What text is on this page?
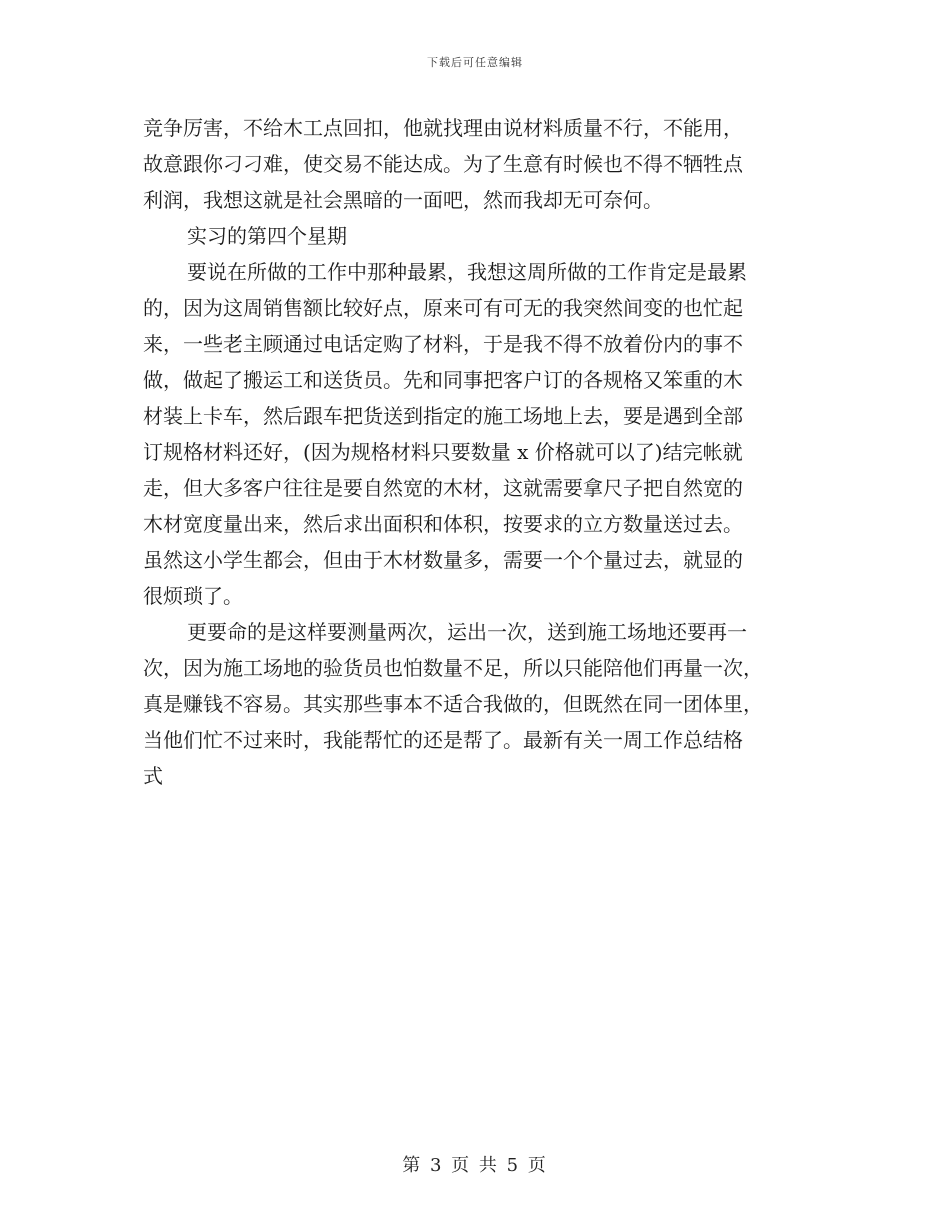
下载后可任意编辑
竞争厉害，不给木工点回扣，他就找理由说材料质量不行，不能用，
故意跟你刁刁难，使交易不能达成。为了生意有时候也不得不牺牲点
利润，我想这就是社会黑暗的一面吧，然而我却无可奈何。
实习的第四个星期
要说在所做的工作中那种最累，我想这周所做的工作肯定是最累
的，因为这周销售额比较好点，原来可有可无的我突然间变的也忙起
来，一些老主顾通过电话定购了材料，于是我不得不放着份内的事不
做，做起了搬运工和送货员。先和同事把客户订的各规格又笨重的木
材装上卡车，然后跟车把货送到指定的施工场地上去，要是遇到全部
订规格材料还好，(因为规格材料只要数量 x 价格就可以了)结完帐就
走，但大多客户往往是要自然宽的木材，这就需要拿尺子把自然宽的
木材宽度量出来，然后求出面积和体积，按要求的立方数量送过去。
虽然这小学生都会，但由于木材数量多，需要一个个量过去，就显的
很烦琐了。
更要命的是这样要测量两次，运出一次，送到施工场地还要再一
次，因为施工场地的验货员也怕数量不足，所以只能陪他们再量一次，
真是赚钱不容易。其实那些事本不适合我做的，但既然在同一团体里，
当他们忙不过来时，我能帮忙的还是帮了。最新有关一周工作总结格
式
第 3 页 共 5 页
